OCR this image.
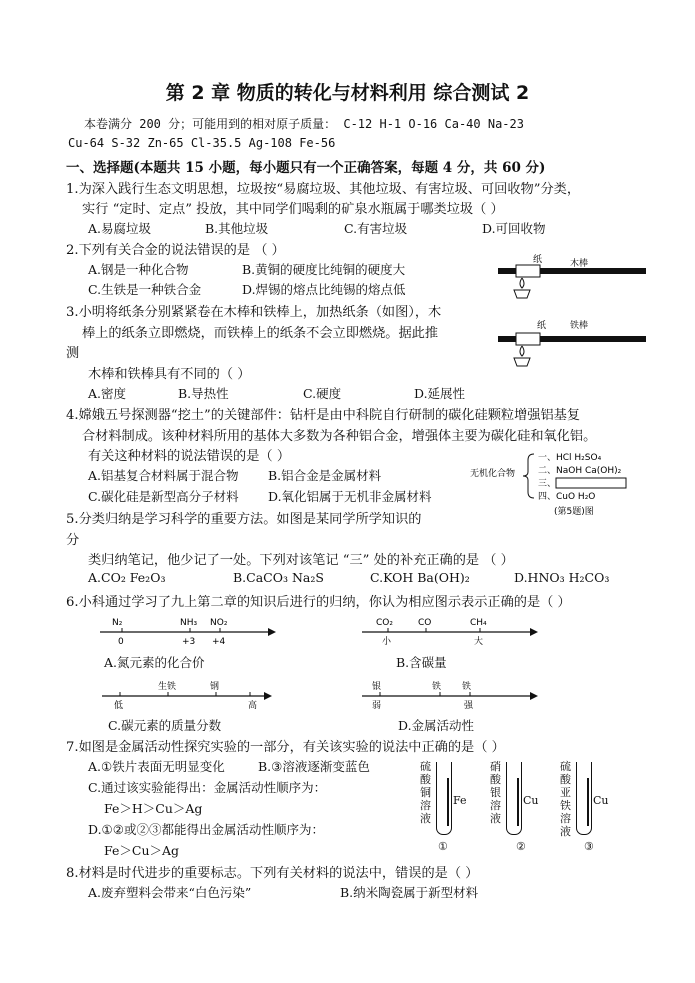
第 2 章 物质的转化与材料利用 综合测试 2
本卷满分 200 分；可能用到的相对原子质量： C-12 H-1 O-16 Ca-40 Na-23
Cu-64 S-32 Zn-65 Cl-35.5 Ag-108 Fe-56
一、选择题(本题共 15 小题，每小题只有一个正确答案，每题 4 分，共 60 分)
1.为深入践行生态文明思想，垃圾按“易腐垃圾、其他垃圾、有害垃圾、可回收物”分类，
实行 “定时、定点” 投放，其中同学们喝剩的矿泉水瓶属于哪类垃圾（ ）
A.易腐垃圾	B.其他垃圾	C.有害垃圾	D.可回收物
2.下列有关合金的说法错误的是 （ ）
A.钢是一种化合物	B.黄铜的硬度比纯铜的硬度大
C.生铁是一种铁合金	D.焊锡的熔点比纯锡的熔点低
纸	木棒
纸	铁棒
3.小明将纸条分别紧紧卷在木棒和铁棒上，加热纸条（如图），木
棒上的纸条立即燃烧，而铁棒上的纸条不会立即燃烧。据此推
测
木棒和铁棒具有不同的（ ）
A.密度	B.导热性	C.硬度	D.延展性
4.嫦娥五号探测器“挖土”的关键部件：钻杆是由中科院自行研制的碳化硅颗粒增强铝基复
合材料制成。该种材料所用的基体大多数为各种铝合金，增强体主要为碳化硅和氧化铝。
有关这种材料的说法错误的是（ ）
A.铝基复合材料属于混合物 B.铝合金是金属材料
C.碳化硅是新型高分子材料 D.氧化铝属于无机非金属材料
无机化合物
一、HCl H₂SO₄
二、NaOH Ca(OH)₂
三、
四、CuO H₂O
(第5题)图
5.分类归纳是学习科学的重要方法。如图是某同学所学知识的
分
类归纳笔记，他少记了一处。下列对该笔记 “三” 处的补充正确的是 （ ）
A.CO₂ Fe₂O₃	B.CaCO₃ Na₂S	C.KOH Ba(OH)₂	D.HNO₃ H₂CO₃
6.小科通过学习了九上第二章的知识后进行的归纳，你认为相应图示表示正确的是（ ）
N₂	NH₃ NO₂
0	+3 +4
A.氮元素的化合价
CO₂	CO	CH₄
小	大
B.含碳量
生铁	钢
低	高
C.碳元素的质量分数
银	铁 铁
弱	强
D.金属活动性
7.如图是金属活动性探究实验的一部分，有关该实验的说法中正确的是（ ）
A.①铁片表面无明显变化	B.③溶液逐渐变蓝色
C.通过该实验能得出：金属活动性顺序为：
Fe＞H＞Cu＞Ag
D.①②或②③都能得出金属活动性顺序为：
Fe＞Cu＞Ag
硫酸铜溶液
Fe
①
硝酸银溶液
Cu
②
硫酸亚铁溶液
Cu
③
8.材料是时代进步的重要标志。下列有关材料的说法中，错误的是（ ）
A.废弃塑料会带来“白色污染”	B.纳米陶瓷属于新型材料
